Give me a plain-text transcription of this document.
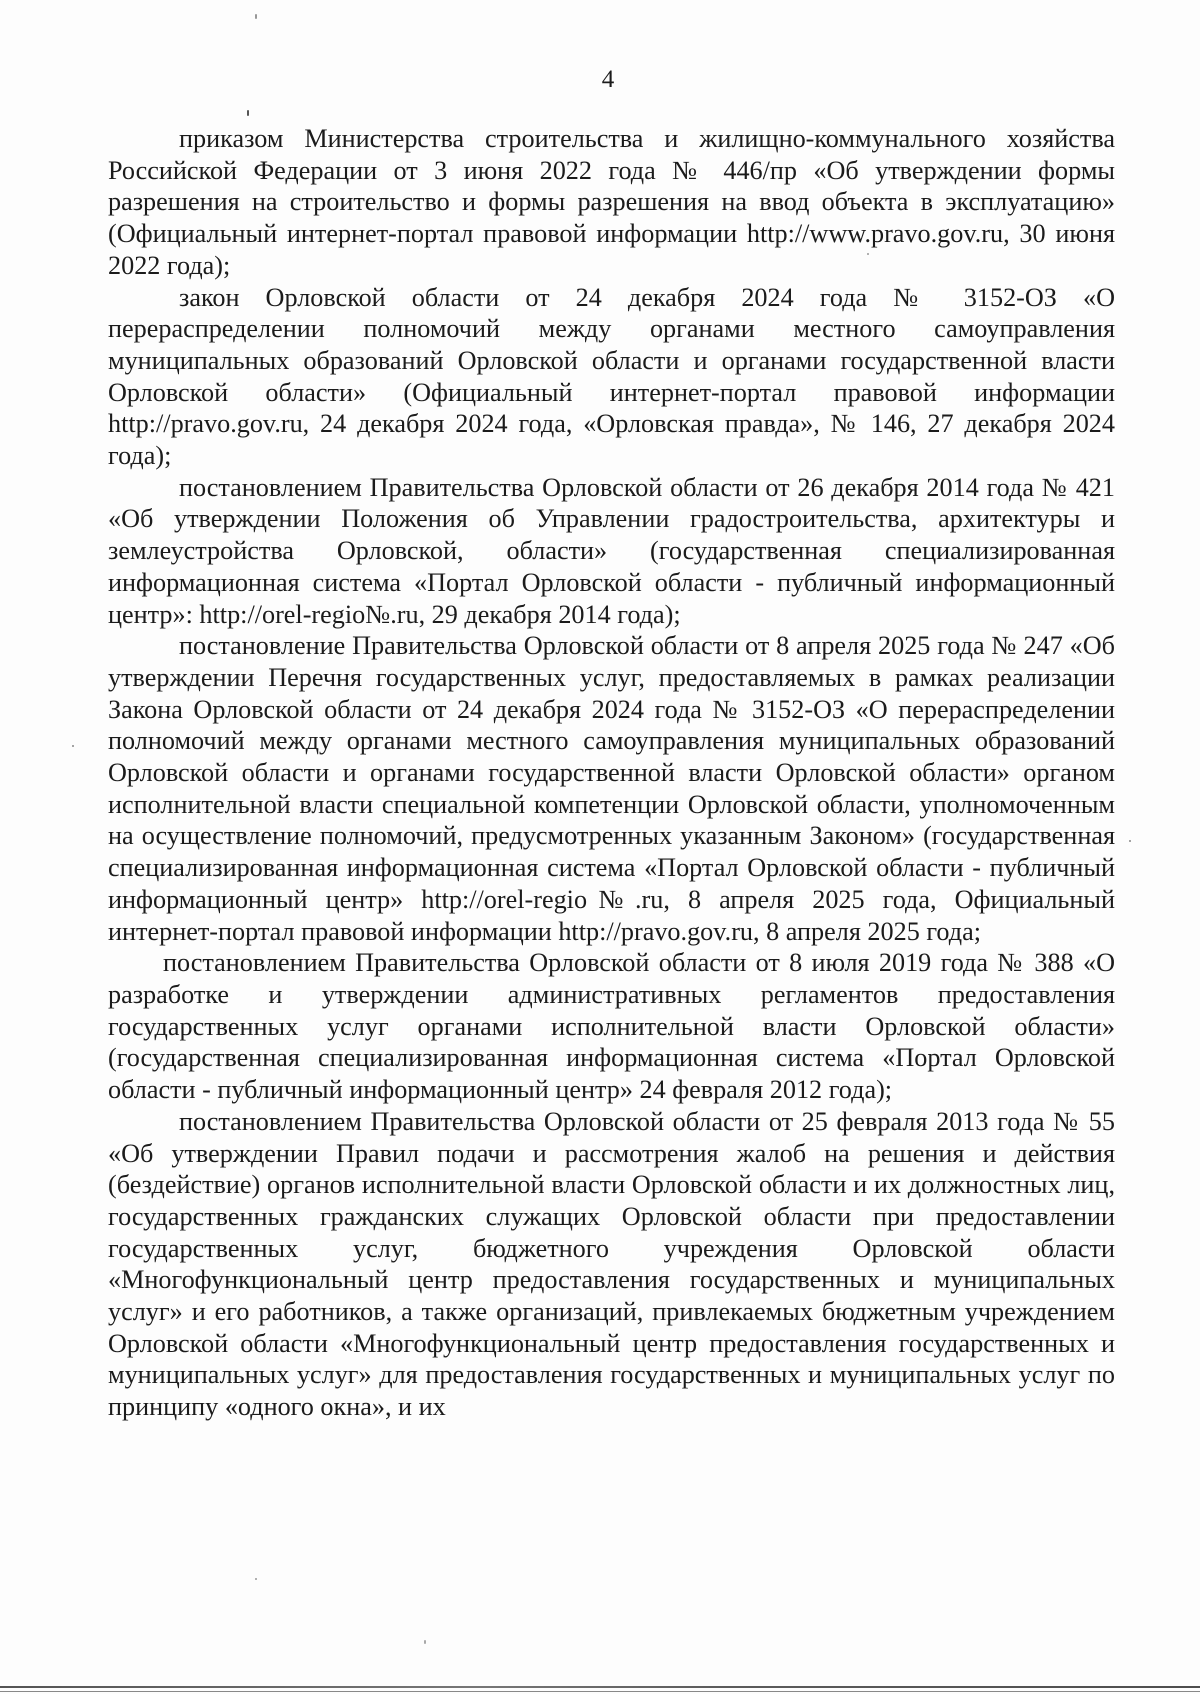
4

приказом Министерства строительства и жилищно-коммунального хозяйства Российской Федерации от 3 июня 2022 года № 446/пр «Об утверждении формы разрешения на строительство и формы разрешения на ввод объекта в эксплуатацию» (Официальный интернет-портал правовой информации http://www.pravo.gov.ru, 30 июня 2022 года);

закон Орловской области от 24 декабря 2024 года № 3152-ОЗ «О перераспределении полномочий между органами местного самоуправления муниципальных образований Орловской области и органами государственной власти Орловской области» (Официальный интернет-портал правовой информации http://pravo.gov.ru, 24 декабря 2024 года, «Орловская правда», № 146, 27 декабря 2024 года);

постановлением Правительства Орловской области от 26 декабря 2014 года № 421 «Об утверждении Положения об Управлении градостроительства, архитектуры и землеустройства Орловской, области» (государственная специализированная информационная система «Портал Орловской области - публичный информационный центр»: http://orel-regio№.ru, 29 декабря 2014 года);

постановление Правительства Орловской области от 8 апреля 2025 года № 247 «Об утверждении Перечня государственных услуг, предоставляемых в рамках реализации Закона Орловской области от 24 декабря 2024 года № 3152-ОЗ «О перераспределении полномочий между органами местного самоуправления муниципальных образований Орловской области и органами государственной власти Орловской области» органом исполнительной власти специальной компетенции Орловской области, уполномоченным на осуществление полномочий, предусмотренных указанным Законом» (государственная специализированная информационная система «Портал Орловской области - публичный информационный центр» http://orel-regio№.ru, 8 апреля 2025 года, Официальный интернет-портал правовой информации http://pravo.gov.ru, 8 апреля 2025 года;

постановлением Правительства Орловской области от 8 июля 2019 года № 388 «О разработке и утверждении административных регламентов предоставления государственных услуг органами исполнительной власти Орловской области» (государственная специализированная информационная система «Портал Орловской области - публичный информационный центр» 24 февраля 2012 года);

постановлением Правительства Орловской области от 25 февраля 2013 года № 55 «Об утверждении Правил подачи и рассмотрения жалоб на решения и действия (бездействие) органов исполнительной власти Орловской области и их должностных лиц, государственных гражданских служащих Орловской области при предоставлении государственных услуг, бюджетного учреждения Орловской области «Многофункциональный центр предоставления государственных и муниципальных услуг» и его работников, а также организаций, привлекаемых бюджетным учреждением Орловской области «Многофункциональный центр предоставления государственных и муниципальных услуг» для предоставления государственных и муниципальных услуг по принципу «одного окна», и их
